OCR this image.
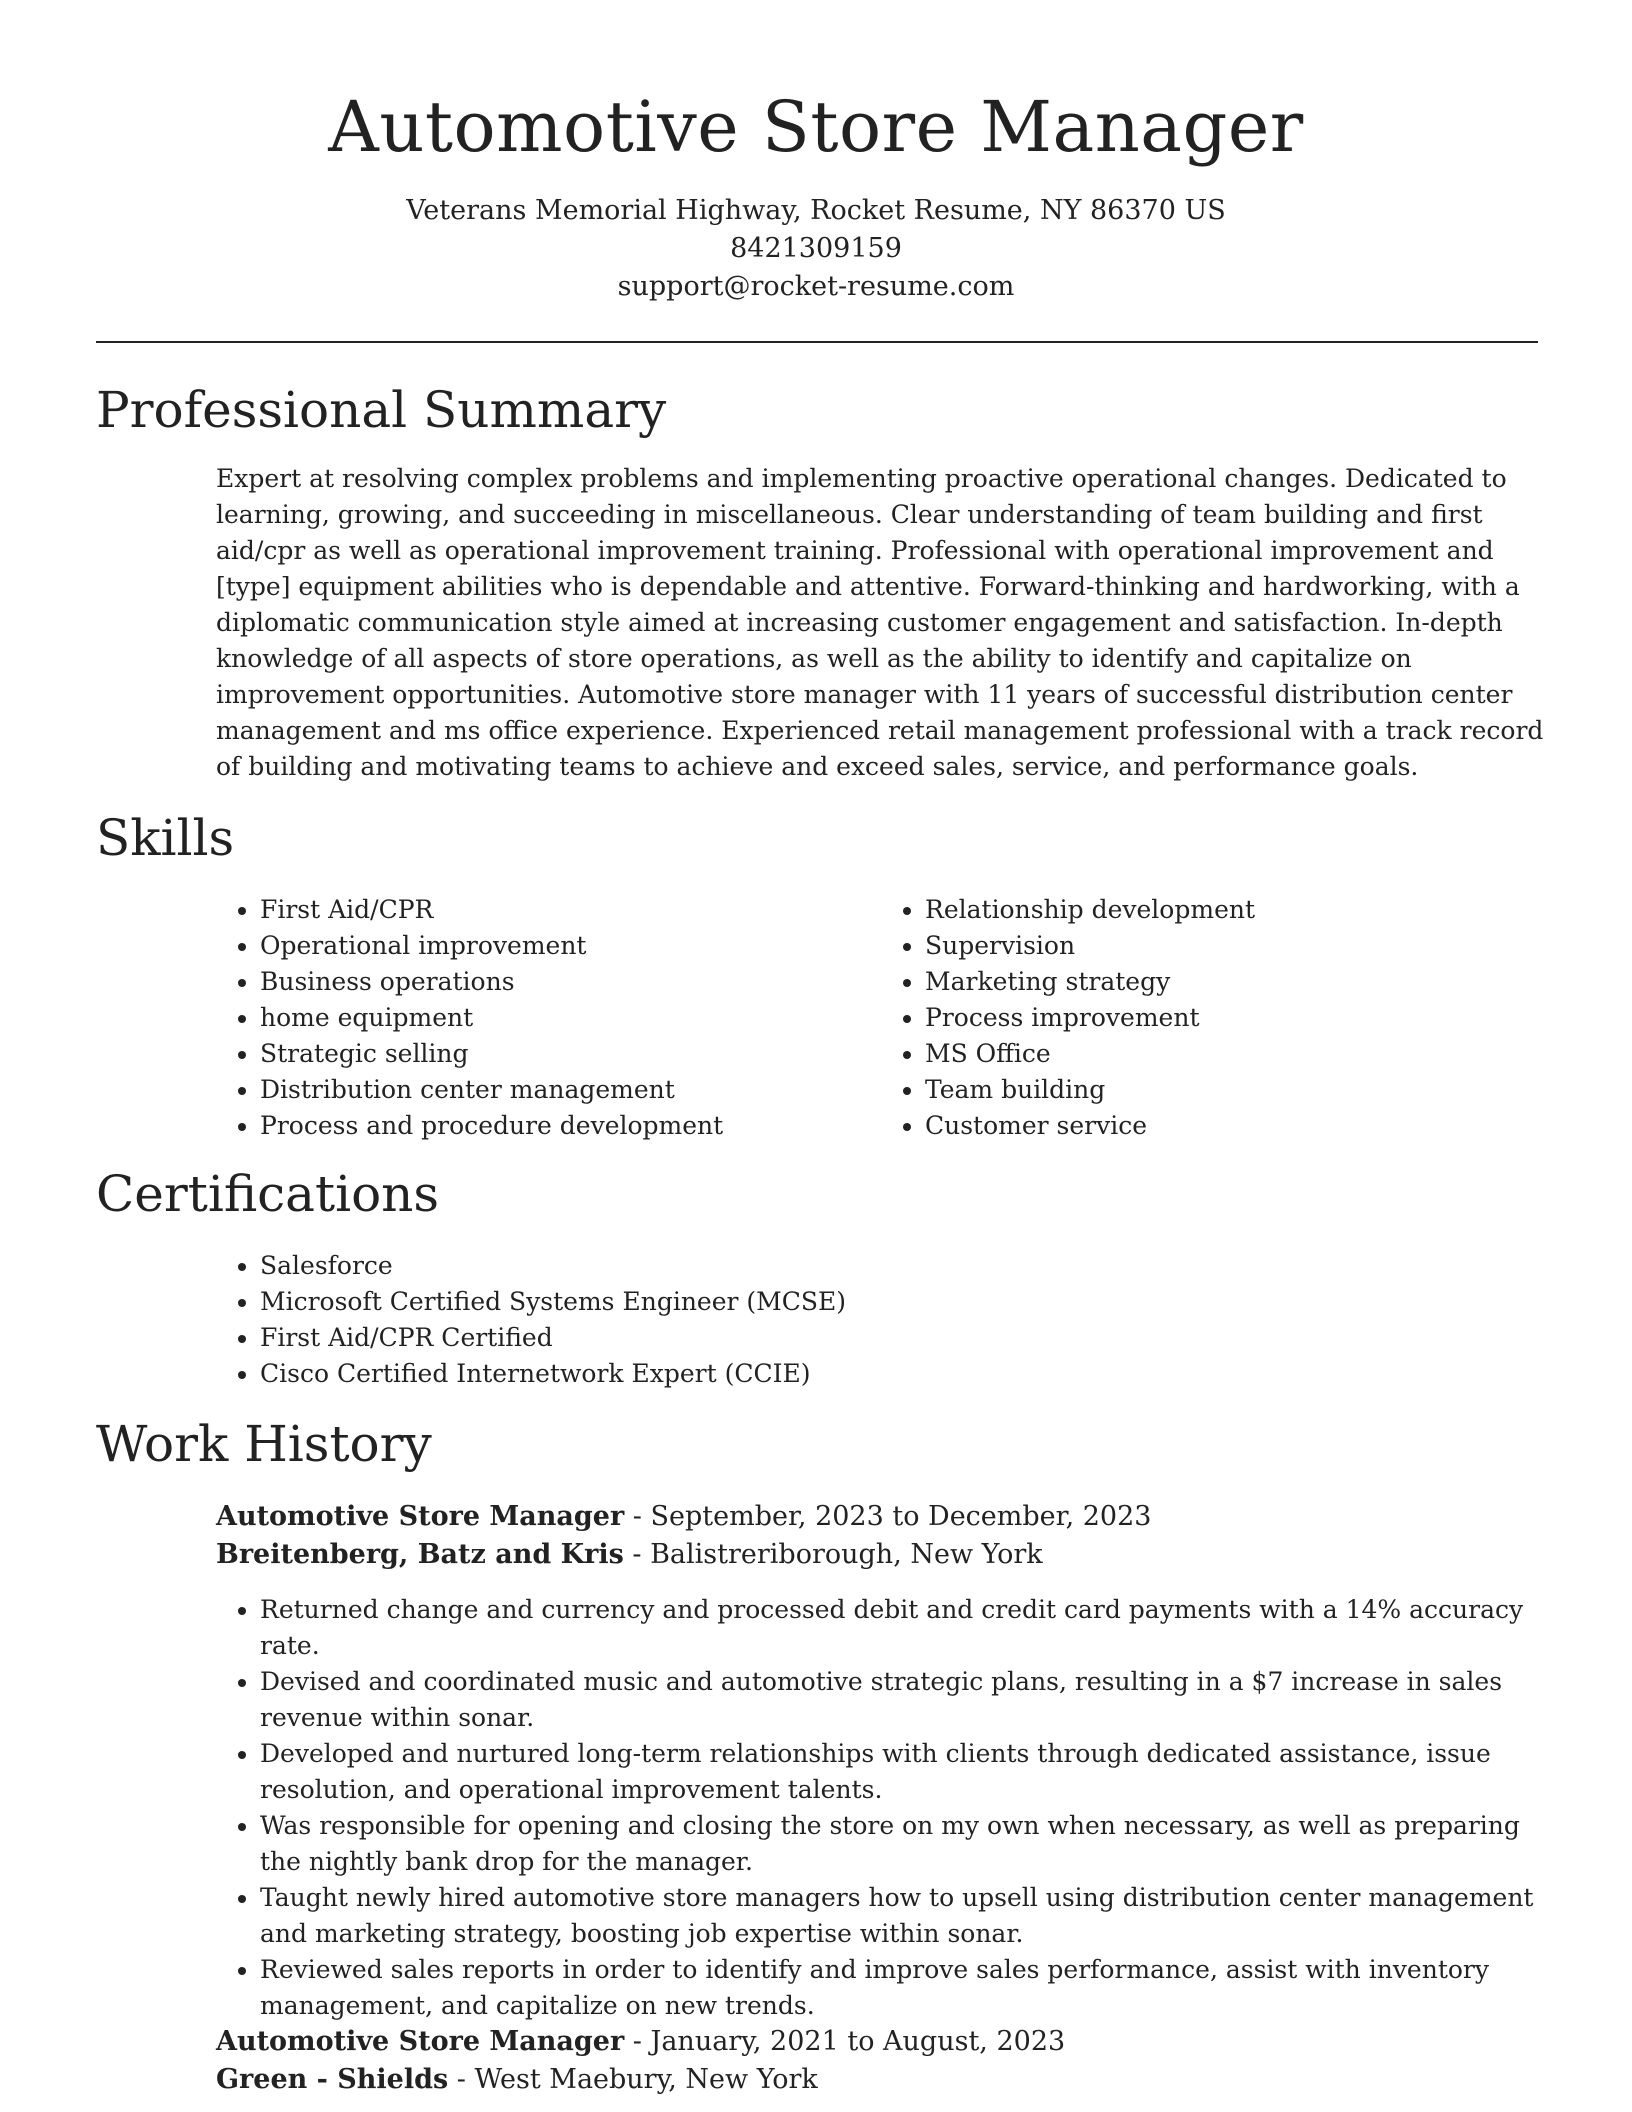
Automotive Store Manager
Veterans Memorial Highway, Rocket Resume, NY 86370 US
8421309159
support@rocket-resume.com
Professional Summary

Expert at resolving complex problems and implementing proactive operational changes. Dedicated to learning, growing, and succeeding in miscellaneous. Clear understanding of team building and first aid/cpr as well as operational improvement training. Professional with operational improvement and [type] equipment abilities who is dependable and attentive. Forward-thinking and hardworking, with a diplomatic communication style aimed at increasing customer engagement and satisfaction. In-depth knowledge of all aspects of store operations, as well as the ability to identify and capitalize on improvement opportunities. Automotive store manager with 11 years of successful distribution center management and ms office experience. Experienced retail management professional with a track record of building and motivating teams to achieve and exceed sales, service, and performance goals.

Skills
• First Aid/CPR
• Operational improvement
• Business operations
• home equipment
• Strategic selling
• Distribution center management
• Process and procedure development
• Relationship development
• Supervision
• Marketing strategy
• Process improvement
• MS Office
• Team building
• Customer service
Certifications
• Salesforce
• Microsoft Certified Systems Engineer (MCSE)
• First Aid/CPR Certified
• Cisco Certified Internetwork Expert (CCIE)
Work History
Automotive Store Manager - September, 2023 to December, 2023
Breitenberg, Batz and Kris - Balistreriborough, New York
• Returned change and currency and processed debit and credit card payments with a 14% accuracy rate.
• Devised and coordinated music and automotive strategic plans, resulting in a $7 increase in sales revenue within sonar.
• Developed and nurtured long-term relationships with clients through dedicated assistance, issue resolution, and operational improvement talents.
• Was responsible for opening and closing the store on my own when necessary, as well as preparing the nightly bank drop for the manager.
• Taught newly hired automotive store managers how to upsell using distribution center management and marketing strategy, boosting job expertise within sonar.
• Reviewed sales reports in order to identify and improve sales performance, assist with inventory management, and capitalize on new trends.
Automotive Store Manager - January, 2021 to August, 2023
Green - Shields - West Maebury, New York
